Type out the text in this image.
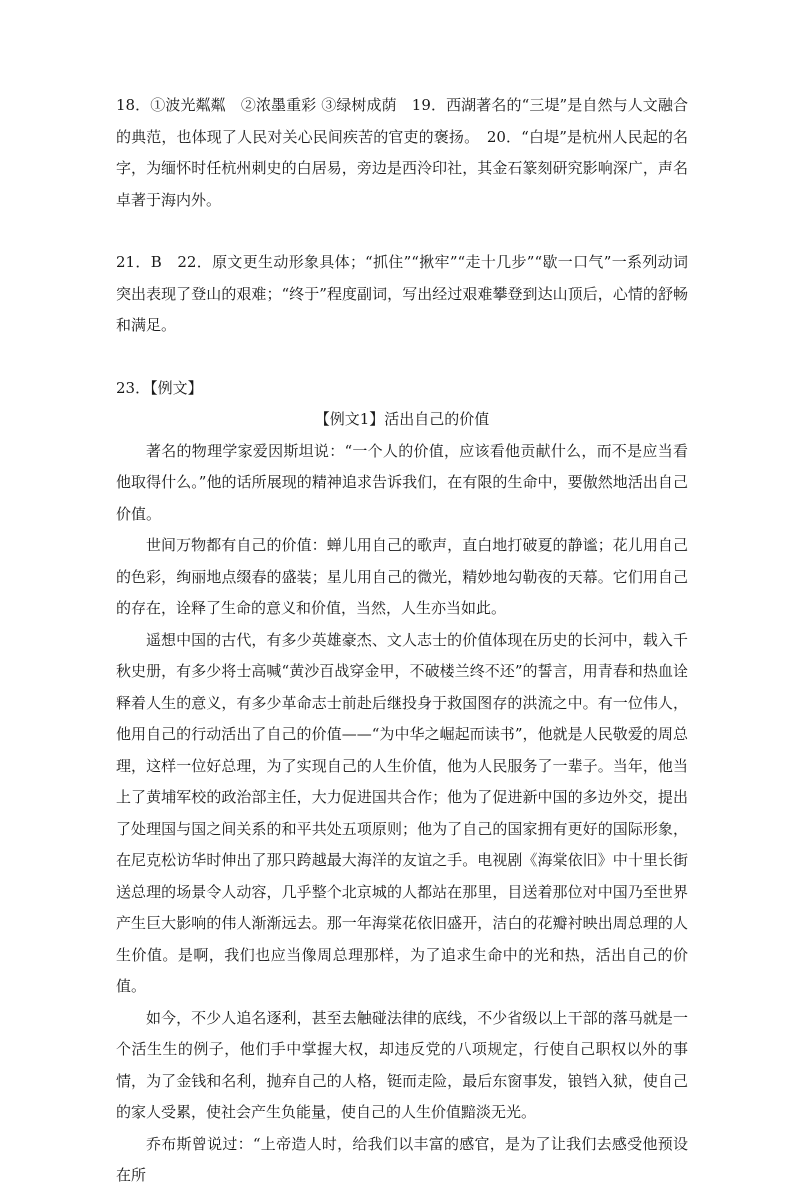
18．①波光粼粼　②浓墨重彩 ③绿树成荫　19．西湖著名的“三堤”是自然与人文融合的典范，也体现了人民对关心民间疾苦的官吏的褒扬。　20．“白堤”是杭州人民起的名字，为缅怀时任杭州刺史的白居易，旁边是西泠印社，其金石篆刻研究影响深广，声名卓著于海内外。

21．B　22．原文更生动形象具体；“抓住”“揪牢”“走十几步”“歇一口气”一系列动词突出表现了登山的艰难；“终于”程度副词，写出经过艰难攀登到达山顶后，心情的舒畅和满足。

23．【例文】

【例文1】活出自己的价值

著名的物理学家爱因斯坦说：“一个人的价值，应该看他贡献什么，而不是应当看他取得什么。”他的话所展现的精神追求告诉我们，在有限的生命中，要傲然地活出自己价值。

世间万物都有自己的价值：蝉儿用自己的歌声，直白地打破夏的静谧；花儿用自己的色彩，绚丽地点缀春的盛装；星儿用自己的微光，精妙地勾勒夜的天幕。它们用自己的存在，诠释了生命的意义和价值，当然，人生亦当如此。

遥想中国的古代，有多少英雄豪杰、文人志士的价值体现在历史的长河中，载入千秋史册，有多少将士高喊“黄沙百战穿金甲，不破楼兰终不还”的誓言，用青春和热血诠释着人生的意义，有多少革命志士前赴后继投身于救国图存的洪流之中。有一位伟人，他用自己的行动活出了自己的价值——“为中华之崛起而读书”，他就是人民敬爱的周总理，这样一位好总理，为了实现自己的人生价值，他为人民服务了一辈子。当年，他当上了黄埔军校的政治部主任，大力促进国共合作；他为了促进新中国的多边外交，提出了处理国与国之间关系的和平共处五项原则；他为了自己的国家拥有更好的国际形象，在尼克松访华时伸出了那只跨越最大海洋的友谊之手。电视剧《海棠依旧》中十里长街送总理的场景令人动容，几乎整个北京城的人都站在那里，目送着那位对中国乃至世界产生巨大影响的伟人渐渐远去。那一年海棠花依旧盛开，洁白的花瓣衬映出周总理的人生价值。是啊，我们也应当像周总理那样，为了追求生命中的光和热，活出自己的价值。

如今，不少人追名逐利，甚至去触碰法律的底线，不少省级以上干部的落马就是一个活生生的例子，他们手中掌握大权，却违反党的八项规定，行使自己职权以外的事情，为了金钱和名利，抛弃自己的人格，铤而走险，最后东窗事发，锒铛入狱，使自己的家人受累，使社会产生负能量，使自己的人生价值黯淡无光。

乔布斯曾说过：“上帝造人时，给我们以丰富的感官，是为了让我们去感受他预设在所
